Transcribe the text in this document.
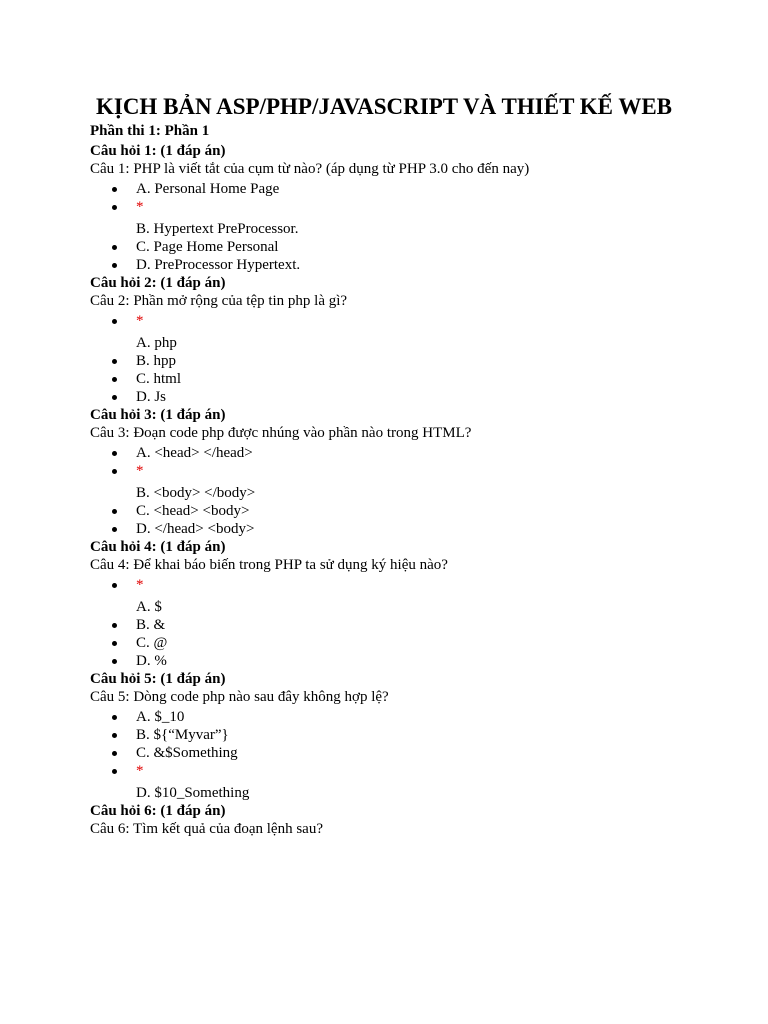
KỊCH BẢN ASP/PHP/JAVASCRIPT VÀ THIẾT KẾ WEB
Phần thi 1: Phần 1
Câu hỏi 1: (1 đáp án)
Câu 1: PHP là viết tắt của cụm từ nào? (áp dụng từ PHP 3.0 cho đến nay)
A. Personal Home Page
*
B. Hypertext PreProcessor.
C. Page Home Personal
D. PreProcessor Hypertext.
Câu hỏi 2: (1 đáp án)
Câu 2: Phần mở rộng của tệp tin php là gì?
*
A. php
B. hpp
C. html
D. Js
Câu hỏi 3: (1 đáp án)
Câu 3: Đoạn code php được nhúng vào phần nào trong HTML?
A. <head> </head>
*
B. <body> </body>
C. <head> <body>
D. </head> <body>
Câu hỏi 4: (1 đáp án)
Câu 4: Để khai báo biến trong PHP ta sử dụng ký hiệu nào?
*
A. $
B. &
C. @
D. %
Câu hỏi 5: (1 đáp án)
Câu 5: Dòng code php nào sau đây không hợp lệ?
A. $_10
B. ${“Myvar”}
C. &$Something
*
D. $10_Something
Câu hỏi 6: (1 đáp án)
Câu 6: Tìm kết quả của đoạn lệnh sau?
